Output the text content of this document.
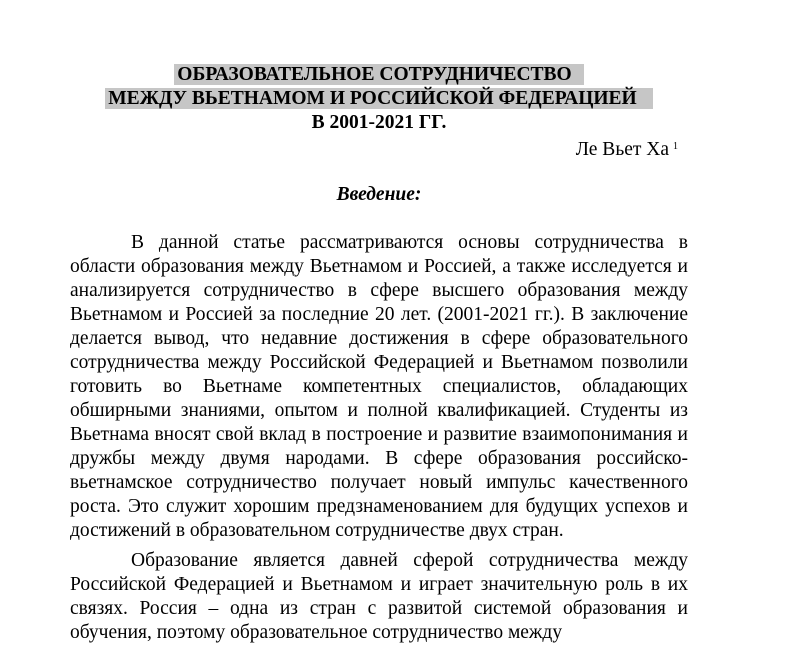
ОБРАЗОВАТЕЛЬНОЕ СОТРУДНИЧЕСТВО
МЕЖДУ ВЬЕТНАМОМ И РОССИЙСКОЙ ФЕДЕРАЦИЕЙ
В 2001-2021 ГГ.
Ле Вьет Ха $^1$
Введение:

В данной статье рассматриваются основы сотрудничества в области образования между Вьетнамом и Россией, а также исследуется и анализируется сотрудничество в сфере высшего образования между Вьетнамом и Россией за последние 20 лет. (2001-2021 гг.). В заключение делается вывод, что недавние достижения в сфере образовательного сотрудничества между Российской Федерацией и Вьетнамом позволили готовить во Вьетнаме компетентных специалистов, обладающих обширными знаниями, опытом и полной квалификацией. Студенты из Вьетнама вносят свой вклад в построение и развитие взаимопонимания и дружбы между двумя народами. В сфере образования российско-вьетнамское сотрудничество получает новый импульс качественного роста. Это служит хорошим предзнаменованием для будущих успехов и достижений в образовательном сотрудничестве двух стран.

Образование является давней сферой сотрудничества между Российской Федерацией и Вьетнамом и играет значительную роль в их связях. Россия – одна из стран с развитой системой образования и обучения, поэтому образовательное сотрудничество между
